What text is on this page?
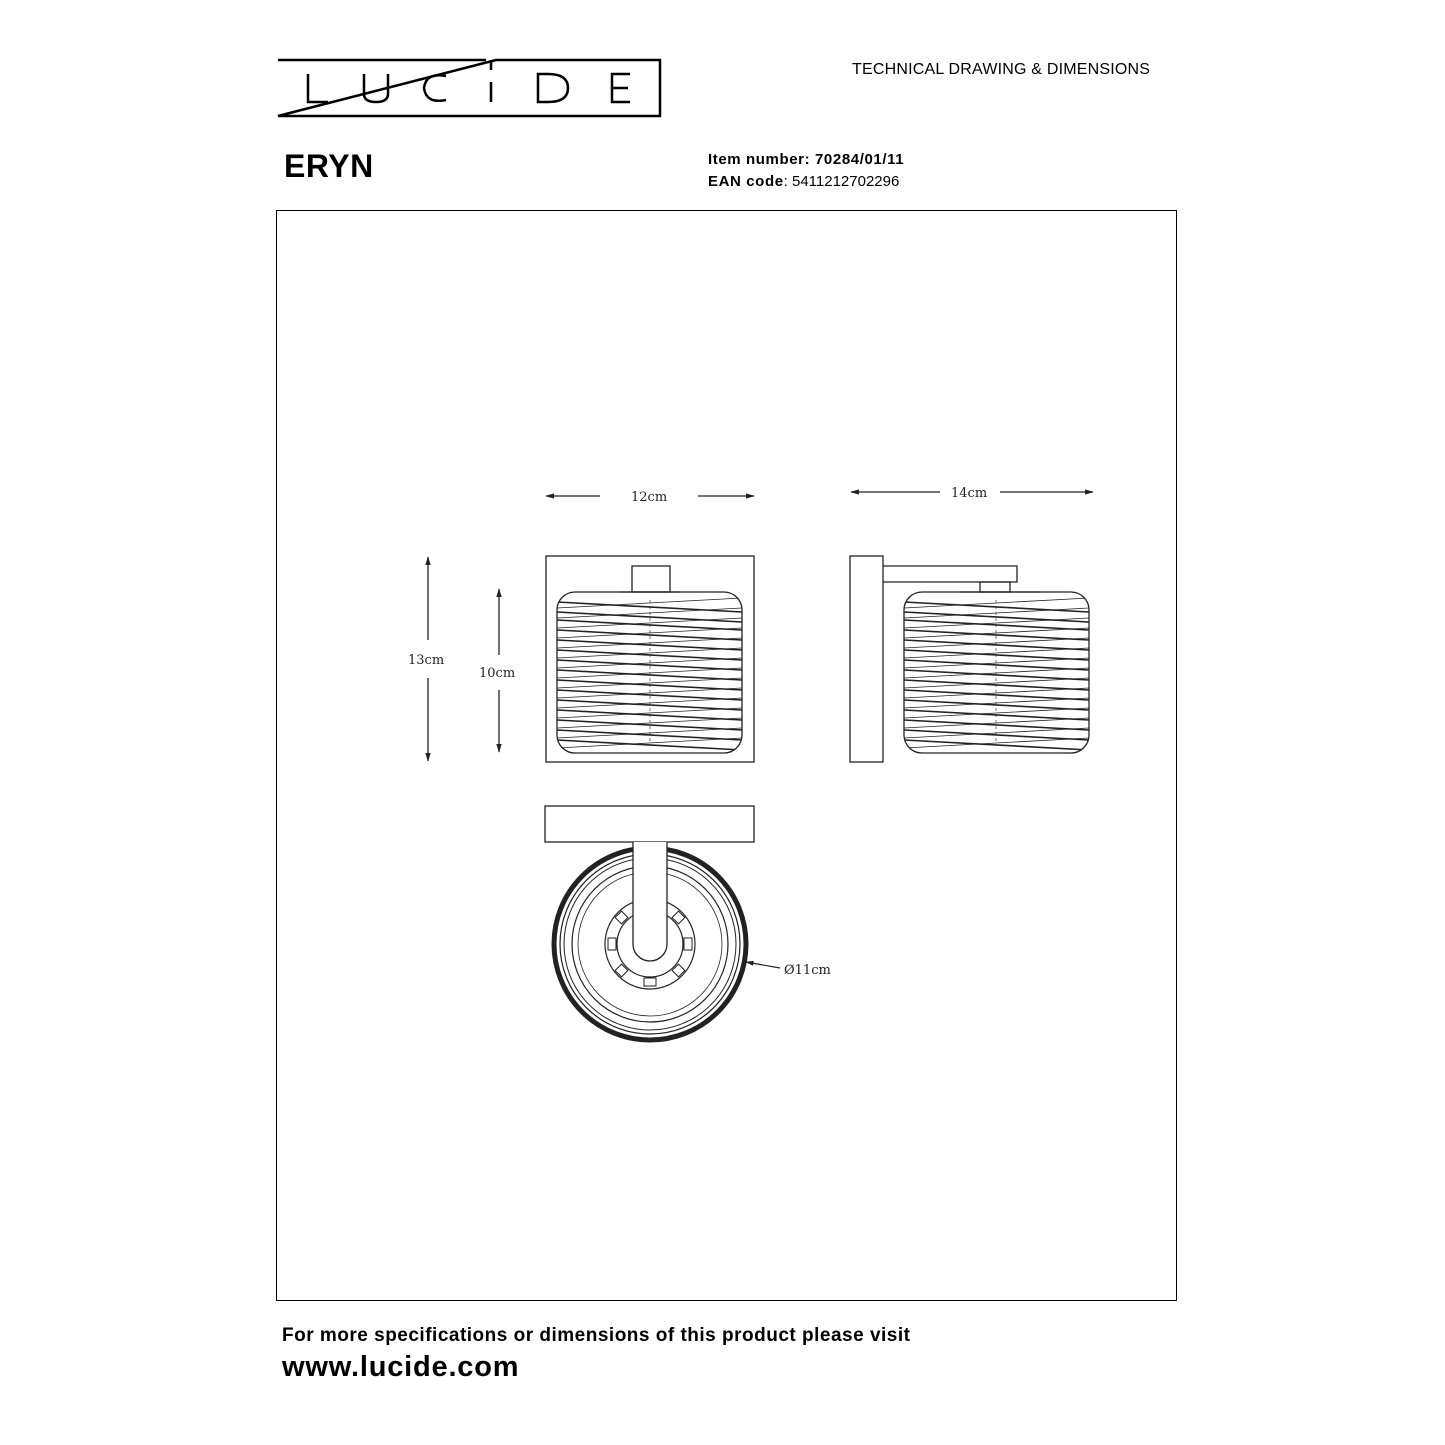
TECHNICAL DRAWING & DIMENSIONS
ERYN	Item number: 70284/01/11
EAN code: 5411212702296
12cm	14cm
13cm
10cm
Ø11cm
For more specifications or dimensions of this product please visit
www.lucide.com
